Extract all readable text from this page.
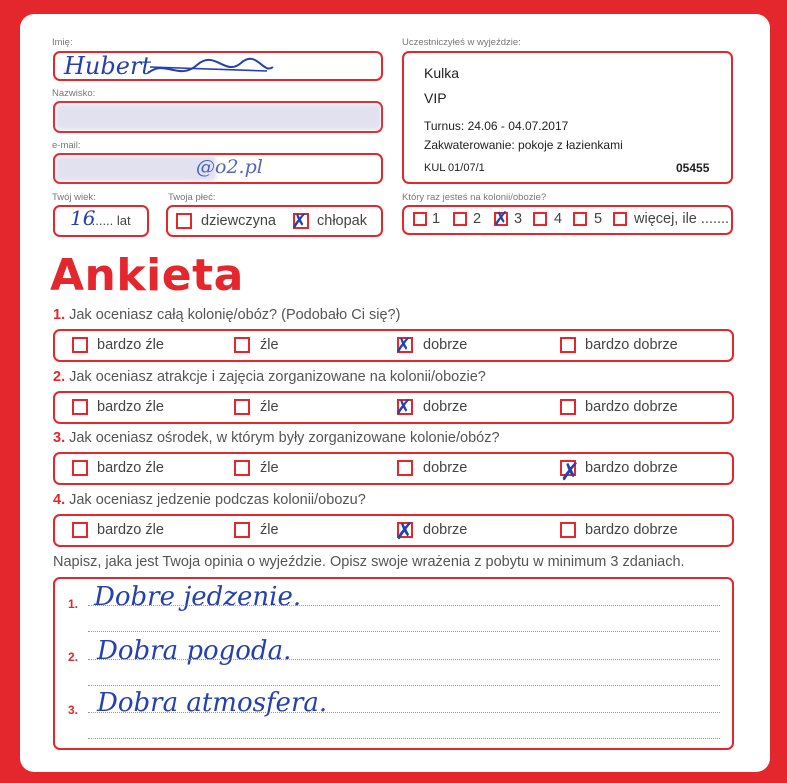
Imię:
Hubert
Nazwisko:
e-mail:
@o2.pl
Twój wiek:
16
....... lat
Twoja płeć:
dziewczyna ✗ chłopak
Uczestniczyłeś w wyjeździe:
Kulka
VIP
Turnus: 24.06 - 04.07.2017
Zakwaterowanie: pokoje z łazienkami
KUL 01/07/1	05455
Który raz jesteś na kolonii/obozie?
1 2 ✗ 3 4 5 więcej, ile .......
Ankieta
1. Jak oceniasz całą kolonię/obóz? (Podobało Ci się?)
bardzo źle	źle	✗ dobrze	bardzo dobrze
2. Jak oceniasz atrakcje i zajęcia zorganizowane na kolonii/obozie?
bardzo źle	źle	✗ dobrze	bardzo dobrze
3. Jak oceniasz ośrodek, w którym były zorganizowane kolonie/obóz?
bardzo źle	źle	dobrze	✗ bardzo dobrze
4. Jak oceniasz jedzenie podczas kolonii/obozu?
bardzo źle	źle	✗ dobrze	bardzo dobrze
Napisz, jaka jest Twoja opinia o wyjeździe. Opisz swoje wrażenia z pobytu w minimum 3 zdaniach.
1. Dobre jedzenie.
2. Dobra pogoda.
3. Dobra atmosfera.
